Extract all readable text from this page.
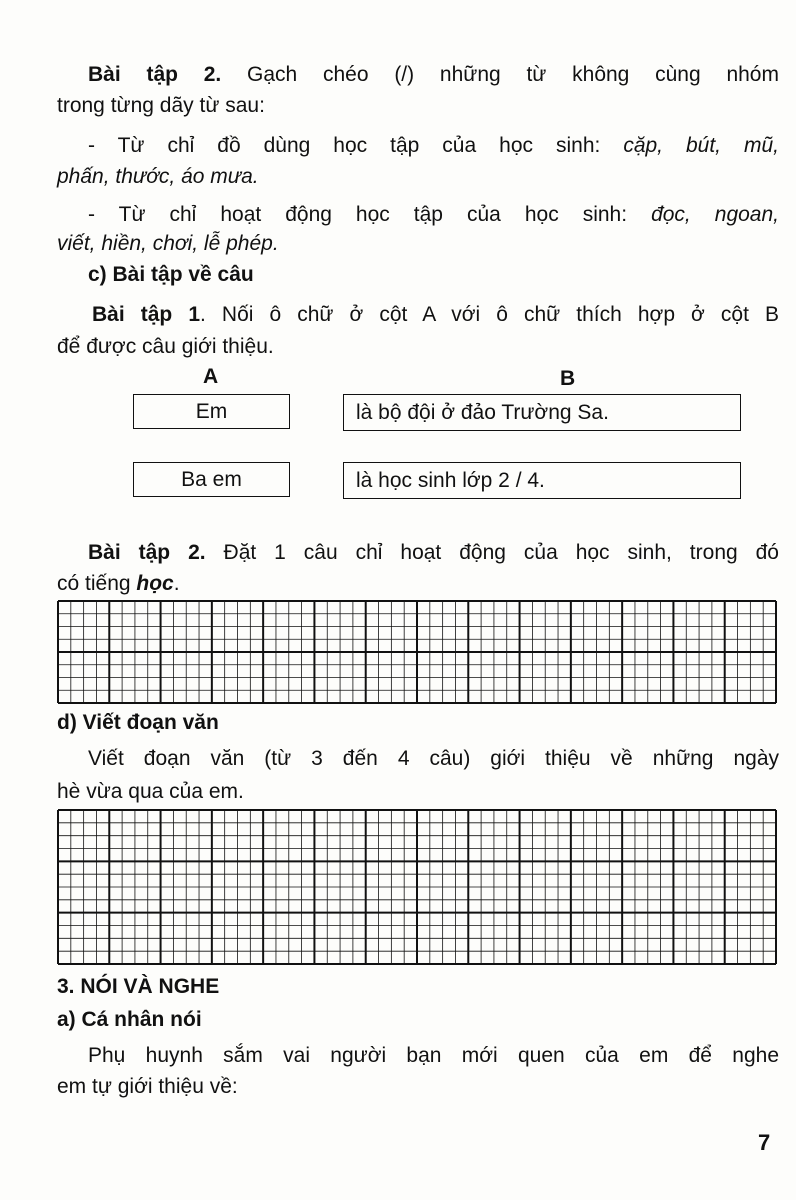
Bài tập 2. Gạch chéo (/) những từ không cùng nhóm
trong từng dãy từ sau:
- Từ chỉ đồ dùng học tập của học sinh: cặp, bút, mũ,
phấn, thước, áo mưa.
- Từ chỉ hoạt động học tập của học sinh: đọc, ngoan,
viết, hiền, chơi, lễ phép.
c) Bài tập về câu
Bài tập 1. Nối ô chữ ở cột A với ô chữ thích hợp ở cột B
để được câu giới thiệu.
A	B
Em
Ba em
là bộ đội ở đảo Trường Sa.
là học sinh lớp 2 / 4.
Bài tập 2. Đặt 1 câu chỉ hoạt động của học sinh, trong đó
có tiếng học.
d) Viết đoạn văn
Viết đoạn văn (từ 3 đến 4 câu) giới thiệu về những ngày
hè vừa qua của em.
3. NÓI VÀ NGHE
a) Cá nhân nói
Phụ huynh sắm vai người bạn mới quen của em để nghe
em tự giới thiệu về:
7
